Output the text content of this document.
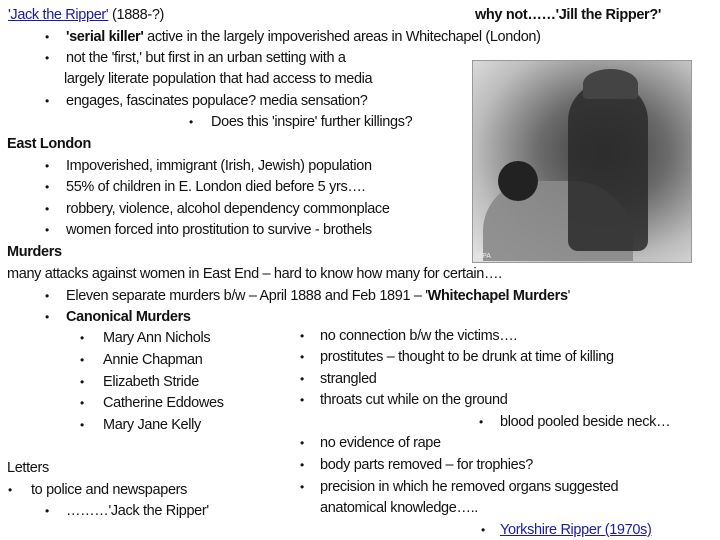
'Jack the Ripper' (1888-?)	why not……'Jill the Ripper?'
• 'serial killer' active in the largely impoverished areas in Whitechapel (London)
• not the 'first,' but first in an urban setting with a
largely literate population that had access to media
• engages, fascinates populace? media sensation?
• Does this 'inspire' further killings?
East London
• Impoverished, immigrant (Irish, Jewish) population
• 55% of children in E. London died before 5 yrs….
• robbery, violence, alcohol dependency commonplace
• women forced into prostitution to survive - brothels
©PA
Murders
many attacks against women in East End – hard to know how many for certain….
• Eleven separate murders b/w – April 1888 and Feb 1891 – 'Whitechapel Murders'
• Canonical Murders
• Mary Ann Nichols
• Annie Chapman
• Elizabeth Stride
• Catherine Eddowes
• Mary Jane Kelly
• no connection b/w the victims….
• prostitutes – thought to be drunk at time of killing
• strangled
• throats cut while on the ground
• blood pooled beside neck…
• no evidence of rape
• body parts removed – for trophies?
• precision in which he removed organs suggested
anatomical knowledge…..
• Yorkshire Ripper (1970s)
Letters
• to police and newspapers
• ………'Jack the Ripper'
